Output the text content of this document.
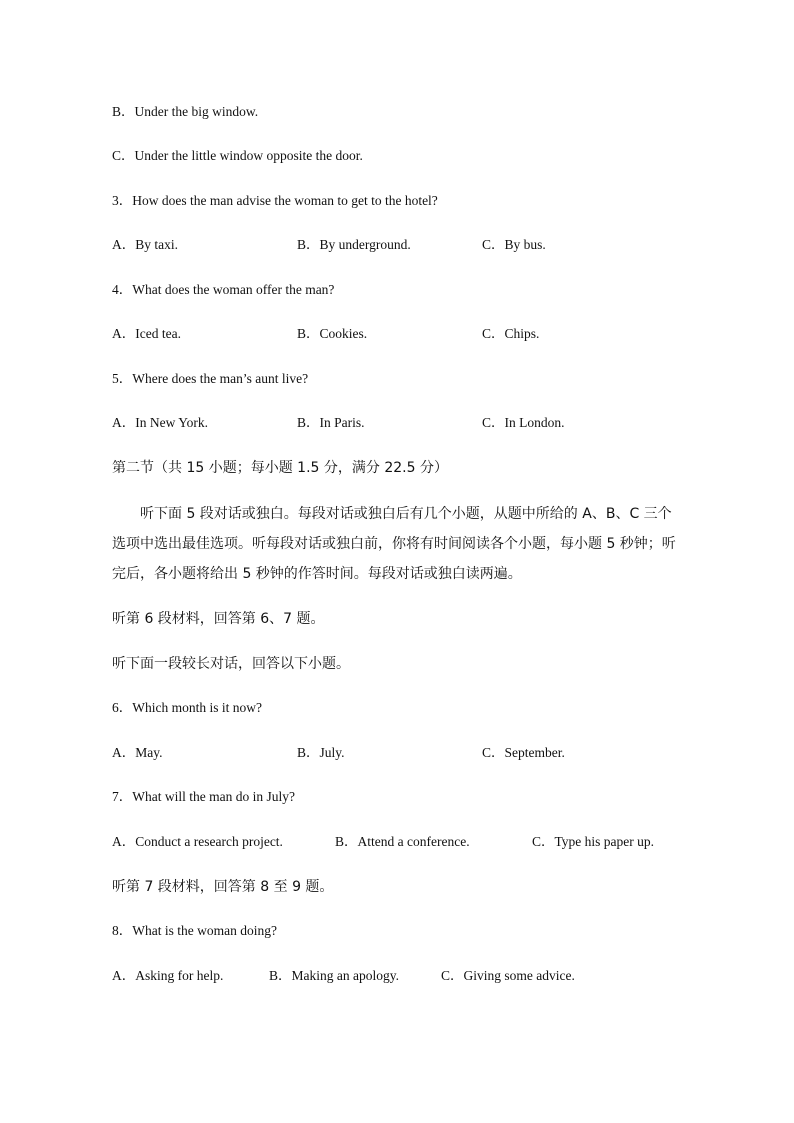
B．Under the big window.
C．Under the little window opposite the door.
3．How does the man advise the woman to get to the hotel?
A．By taxi.	B．By underground.	C．By bus.
4．What does the woman offer the man?
A．Iced tea.	B．Cookies.	C．Chips.
5．Where does the man’s aunt live?
A．In New York.	B．In Paris.	C．In London.
第二节（共 15 小题；每小题 1.5 分，满分 22.5 分）
听下面 5 段对话或独白。每段对话或独白后有几个小题，从题中所给的 A、B、C 三个选项中选出最佳选项。听每段对话或独白前，你将有时间阅读各个小题，每小题 5 秒钟；听完后，各小题将给出 5 秒钟的作答时间。每段对话或独白读两遍。
听第 6 段材料，回答第 6、7 题。
听下面一段较长对话，回答以下小题。
6．Which month is it now?
A．May.	B．July.	C．September.
7．What will the man do in July?
A．Conduct a research project.	B．Attend a conference.	C．Type his paper up.
听第 7 段材料，回答第 8 至 9 题。
8．What is the woman doing?
A．Asking for help.	B．Making an apology.	C．Giving some advice.
